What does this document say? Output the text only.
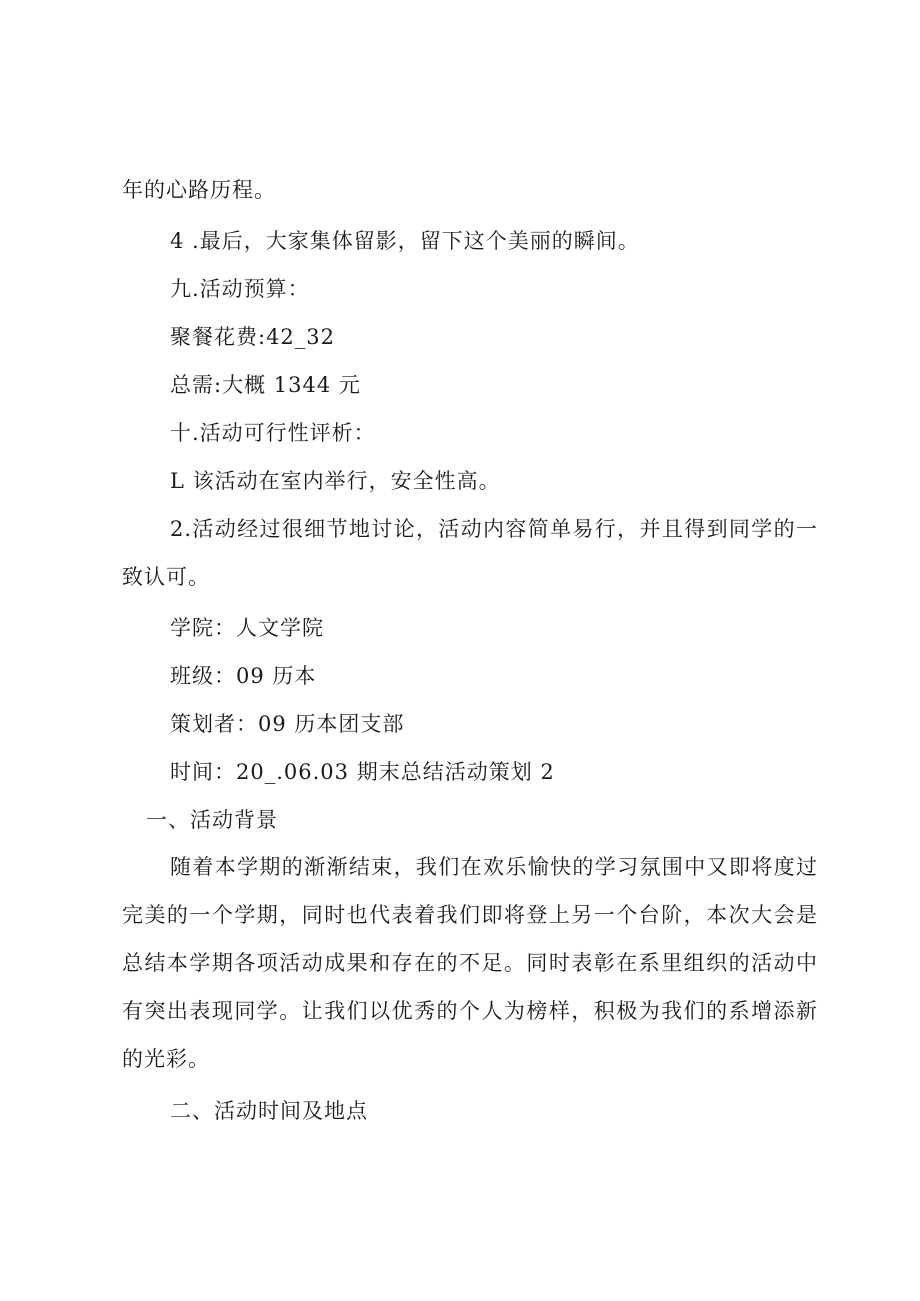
年的心路历程。
4 .最后，大家集体留影，留下这个美丽的瞬间。
九.活动预算：
聚餐花费:42_32
总需:大概 1344 元
十.活动可行性评析：
L 该活动在室内举行，安全性高。
2.活动经过很细节地讨论，活动内容简单易行，并且得到同学的一致认可。
学院：人文学院
班级：09 历本
策划者：09 历本团支部
时间：20_.06.03 期末总结活动策划 2
一、活动背景
随着本学期的渐渐结束，我们在欢乐愉快的学习氛围中又即将度过完美的一个学期，同时也代表着我们即将登上另一个台阶，本次大会是总结本学期各项活动成果和存在的不足。同时表彰在系里组织的活动中有突出表现同学。让我们以优秀的个人为榜样，积极为我们的系增添新的光彩。
二、活动时间及地点
